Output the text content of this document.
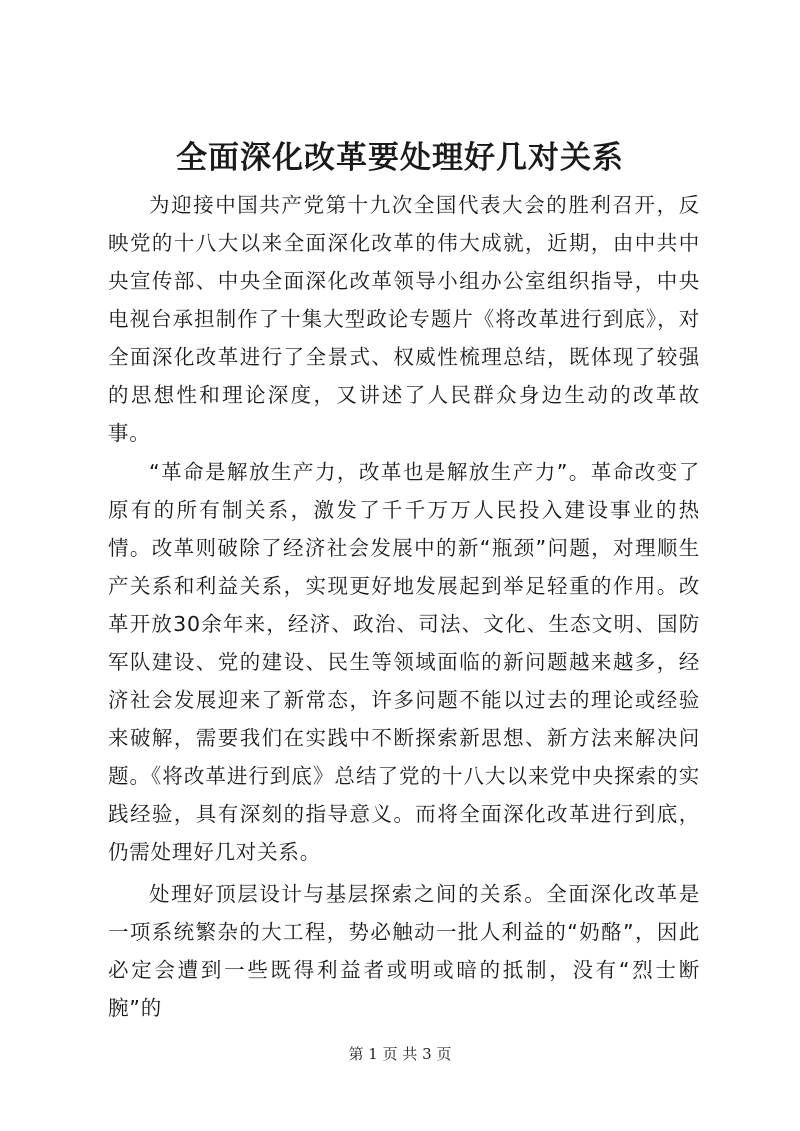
全面深化改革要处理好几对关系

为迎接中国共产党第十九次全国代表大会的胜利召开，反映党的十八大以来全面深化改革的伟大成就，近期，由中共中央宣传部、中央全面深化改革领导小组办公室组织指导，中央电视台承担制作了十集大型政论专题片《将改革进行到底》，对全面深化改革进行了全景式、权威性梳理总结，既体现了较强的思想性和理论深度，又讲述了人民群众身边生动的改革故事。

“革命是解放生产力，改革也是解放生产力”。革命改变了原有的所有制关系，激发了千千万万人民投入建设事业的热情。改革则破除了经济社会发展中的新“瓶颈”问题，对理顺生产关系和利益关系，实现更好地发展起到举足轻重的作用。改革开放30余年来，经济、政治、司法、文化、生态文明、国防军队建设、党的建设、民生等领域面临的新问题越来越多，经济社会发展迎来了新常态，许多问题不能以过去的理论或经验来破解，需要我们在实践中不断探索新思想、新方法来解决问题。《将改革进行到底》总结了党的十八大以来党中央探索的实践经验，具有深刻的指导意义。而将全面深化改革进行到底，仍需处理好几对关系。

处理好顶层设计与基层探索之间的关系。全面深化改革是一项系统繁杂的大工程，势必触动一批人利益的“奶酪”，因此必定会遭到一些既得利益者或明或暗的抵制，没有“烈士断腕”的

第 1 页 共 3 页
